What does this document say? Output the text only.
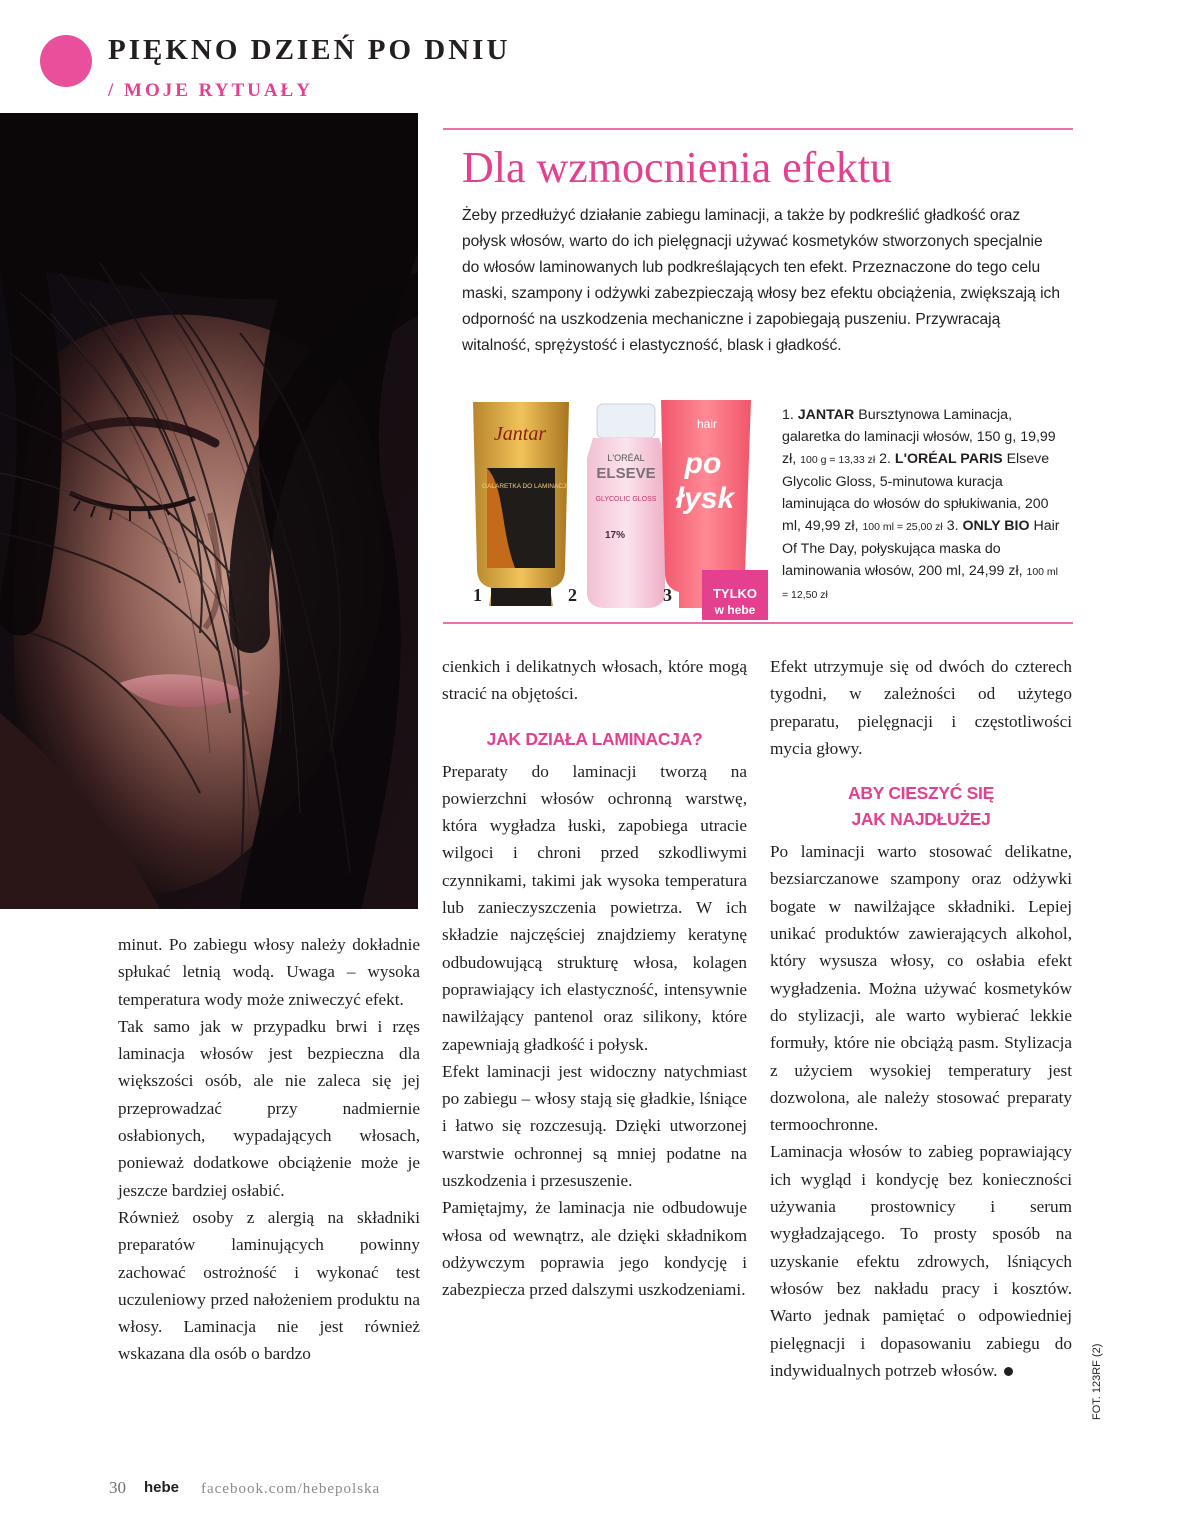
PIĘKNO DZIEŃ PO DNIU
/ MOJE RYTUAŁY
Dla wzmocnienia efektu
Żeby przedłużyć działanie zabiegu laminacji, a także by podkreślić gładkość oraz połysk włosów, warto do ich pielęgnacji używać kosmetyków stworzonych specjalnie do włosów laminowanych lub podkreślających ten efekt. Przeznaczone do tego celu maski, szampony i odżywki zabezpieczają włosy bez efektu obciążenia, zwiększają ich odporność na uszkodzenia mechaniczne i zapobiegają puszeniu. Przywracają witalność, sprężystość i elastyczność, blask i gładkość.
Jantar
GALARETKA DO LAMINACJI
1
L'ORÉAL
ELSEVE
GLYCOLIC GLOSS
17%
2
hair
po
łysk
3	TYLKO
w hebe
1. JANTAR Bursztynowa Laminacja, galaretka do laminacji włosów, 150 g, 19,99 zł, 100 g = 13,33 zł 2. L'ORÉAL PARIS Elseve Glycolic Gloss, 5-minutowa kuracja laminująca do włosów do spłukiwania, 200 ml, 49,99 zł, 100 ml = 25,00 zł 3. ONLY BIO Hair Of The Day, połyskująca maska do laminowania włosów, 200 ml, 24,99 zł, 100 ml = 12,50 zł

minut. Po zabiegu włosy należy dokładnie spłukać letnią wodą. Uwaga – wysoka temperatura wody może zniweczyć efekt.

Tak samo jak w przypadku brwi i rzęs laminacja włosów jest bezpieczna dla większości osób, ale nie zaleca się jej przeprowadzać przy nadmiernie osłabionych, wypadających włosach, ponieważ dodatkowe obciążenie może je jeszcze bardziej osłabić.

Również osoby z alergią na składniki preparatów laminujących powinny zachować ostrożność i wykonać test uczuleniowy przed nałożeniem produktu na włosy. Laminacja nie jest również wskazana dla osób o bardzo

cienkich i delikatnych włosach, które mogą stracić na objętości.

JAK DZIAŁA LAMINACJA?

Preparaty do laminacji tworzą na powierzchni włosów ochronną warstwę, która wygładza łuski, zapobiega utracie wilgoci i chroni przed szkodliwymi czynnikami, takimi jak wysoka temperatura lub zanieczyszczenia powietrza. W ich składzie najczęściej znajdziemy keratynę odbudowującą strukturę włosa, kolagen poprawiający ich elastyczność, intensywnie nawilżający pantenol oraz silikony, które zapewniają gładkość i połysk.

Efekt laminacji jest widoczny natychmiast po zabiegu – włosy stają się gładkie, lśniące i łatwo się rozczesują. Dzięki utworzonej warstwie ochronnej są mniej podatne na uszkodzenia i przesuszenie.

Pamiętajmy, że laminacja nie odbudowuje włosa od wewnątrz, ale dzięki składnikom odżywczym poprawia jego kondycję i zabezpiecza przed dalszymi uszkodzeniami.

Efekt utrzymuje się od dwóch do czterech tygodni, w zależności od użytego preparatu, pielęgnacji i częstotliwości mycia głowy.

ABY CIESZYĆ SIĘ
JAK NAJDŁUŻEJ

Po laminacji warto stosować delikatne, bezsiarczanowe szampony oraz odżywki bogate w nawilżające składniki. Lepiej unikać produktów zawierających alkohol, który wysusza włosy, co osłabia efekt wygładzenia. Można używać kosmetyków do stylizacji, ale warto wybierać lekkie formuły, które nie obciążą pasm. Stylizacja z użyciem wysokiej temperatury jest dozwolona, ale należy stosować preparaty termoochronne.

Laminacja włosów to zabieg poprawiający ich wygląd i kondycję bez konieczności używania prostownicy i serum wygładzającego. To prosty sposób na uzyskanie efektu zdrowych, lśniących włosów bez nakładu pracy i kosztów. Warto jednak pamiętać o odpowiedniej pielęgnacji i dopasowaniu zabiegu do indywidualnych potrzeb włosów.	FOT. 123RF (2)
30 hebe facebook.com/hebepolska
